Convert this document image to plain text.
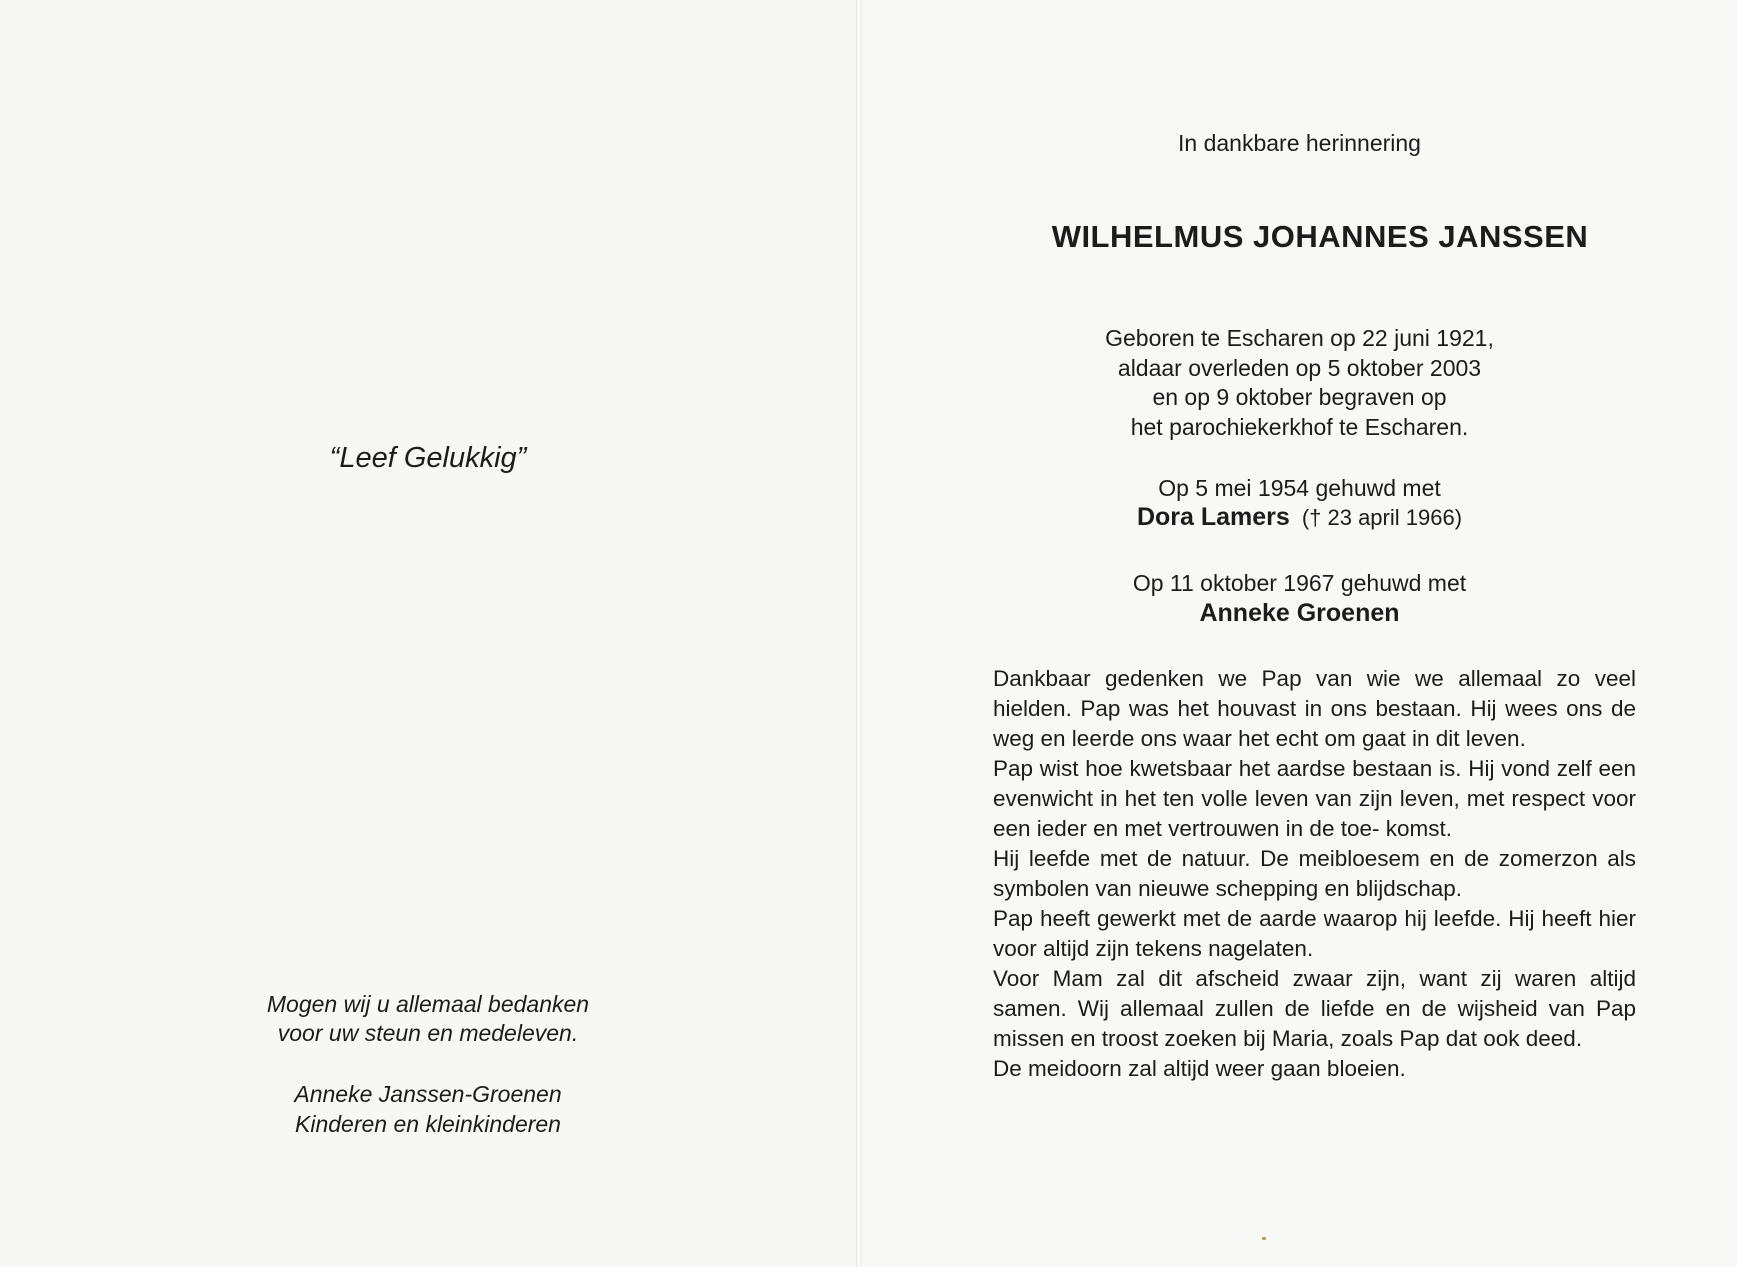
“Leef Gelukkig”
Mogen wij u allemaal bedanken
voor uw steun en medeleven.
Anneke Janssen-Groenen
Kinderen en kleinkinderen
In dankbare herinnering
WILHELMUS JOHANNES JANSSEN
Geboren te Escharen op 22 juni 1921,
aldaar overleden op 5 oktober 2003
en op 9 oktober begraven op
het parochiekerkhof te Escharen.
Op 5 mei 1954 gehuwd met
Dora Lamers († 23 april 1966)
Op 11 oktober 1967 gehuwd met
Anneke Groenen

Dankbaar gedenken we Pap van wie we allemaal zo veel hielden. Pap was het houvast in ons bestaan. Hij wees ons de weg en leerde ons waar het echt om gaat in dit leven.

Pap wist hoe kwetsbaar het aardse bestaan is. Hij vond zelf een evenwicht in het ten volle leven van zijn leven, met respect voor een ieder en met vertrouwen in de toe- komst.

Hij leefde met de natuur. De meibloesem en de zomerzon als symbolen van nieuwe schepping en blijdschap.

Pap heeft gewerkt met de aarde waarop hij leefde. Hij heeft hier voor altijd zijn tekens nagelaten.

Voor Mam zal dit afscheid zwaar zijn, want zij waren altijd samen. Wij allemaal zullen de liefde en de wijsheid van Pap missen en troost zoeken bij Maria, zoals Pap dat ook deed.

De meidoorn zal altijd weer gaan bloeien.
